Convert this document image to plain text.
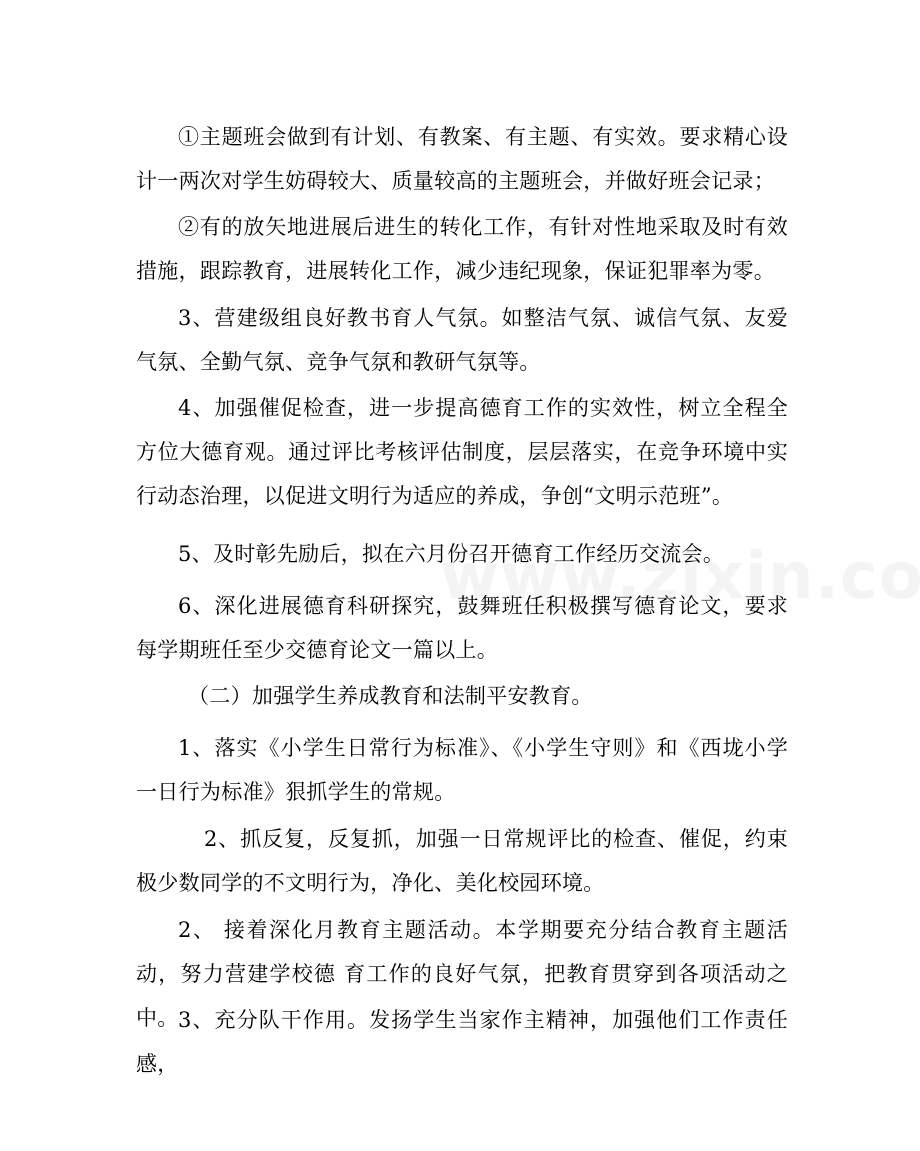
①主题班会做到有计划、有教案、有主题、有实效。要求精心设计一两次对学生妨碍较大、质量较高的主题班会，并做好班会记录；

②有的放矢地进展后进生的转化工作，有针对性地采取及时有效措施，跟踪教育，进展转化工作，减少违纪现象，保证犯罪率为零。

3、营建级组良好教书育人气氛。如整洁气氛、诚信气氛、友爱气氛、全勤气氛、竞争气氛和教研气氛等。

4、加强催促检查，进一步提高德育工作的实效性，树立全程全方位大德育观。通过评比考核评估制度，层层落实，在竞争环境中实行动态治理，以促进文明行为适应的养成，争创“文明示范班”。

5、及时彰先励后，拟在六月份召开德育工作经历交流会。

6、深化进展德育科研探究，鼓舞班任积极撰写德育论文，要求每学期班任至少交德育论文一篇以上。

（二）加强学生养成教育和法制平安教育。

1、落实《小学生日常行为标准》、《小学生守则》和《西垅小学一日行为标准》狠抓学生的常规。

2、抓反复，反复抓，加强一日常规评比的检查、催促，约束极少数同学的不文明行为，净化、美化校园环境。

2、 接着深化月教育主题活动。本学期要充分结合教育主题活动，努力营建学校德 育工作的良好气氛，把教育贯穿到各项活动之中。 3、充分队干作用。发扬学生当家作主精神，加强他们工作责任感，
